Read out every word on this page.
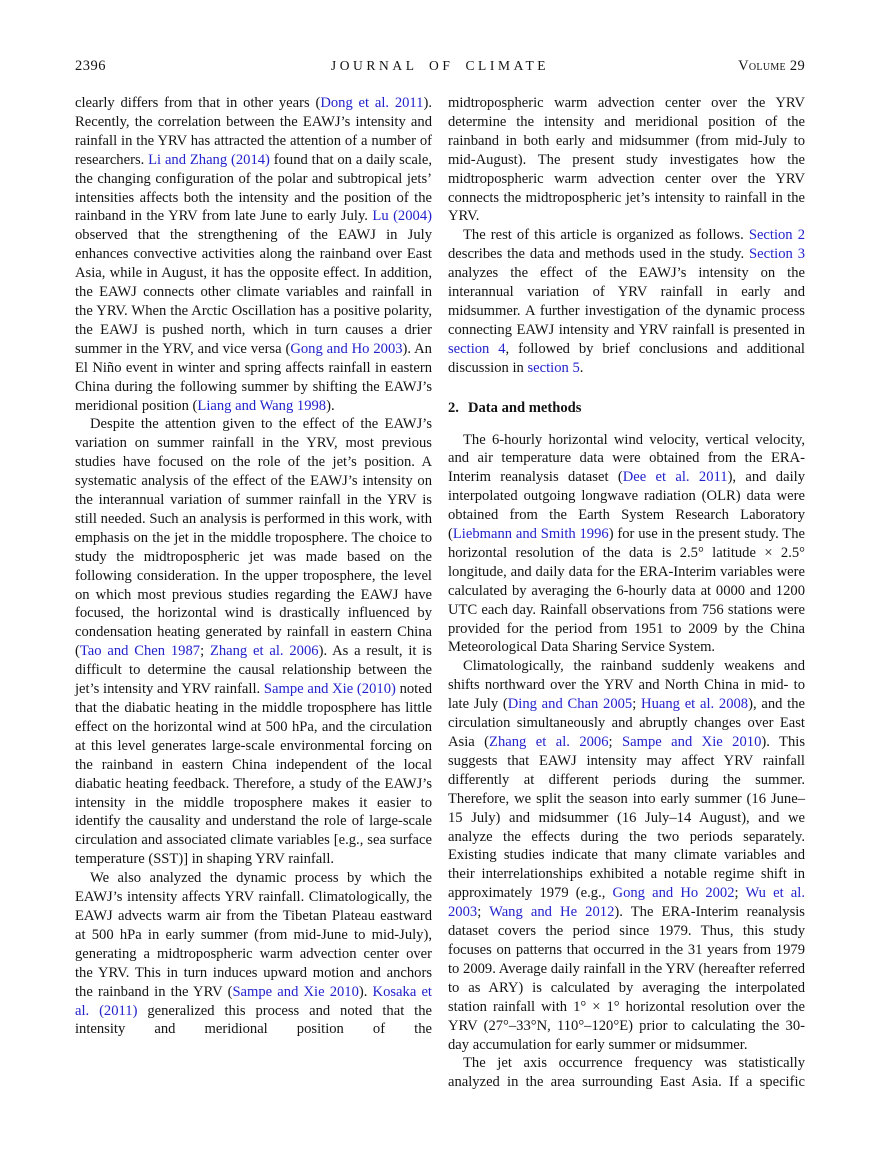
2396	JOURNAL OF CLIMATE	Volume 29

clearly differs from that in other years (Dong et al. 2011). Recently, the correlation between the EAWJ’s intensity and rainfall in the YRV has attracted the attention of a number of researchers. Li and Zhang (2014) found that on a daily scale, the changing configuration of the polar and subtropical jets’ intensities affects both the intensity and the position of the rainband in the YRV from late June to early July. Lu (2004) observed that the strengthening of the EAWJ in July enhances convective activities along the rainband over East Asia, while in August, it has the opposite effect. In addition, the EAWJ connects other climate variables and rainfall in the YRV. When the Arctic Oscillation has a positive polarity, the EAWJ is pushed north, which in turn causes a drier summer in the YRV, and vice versa (Gong and Ho 2003). An El Niño event in winter and spring affects rainfall in eastern China during the following summer by shifting the EAWJ’s meridional position (Liang and Wang 1998).

Despite the attention given to the effect of the EAWJ’s variation on summer rainfall in the YRV, most previous studies have focused on the role of the jet’s position. A systematic analysis of the effect of the EAWJ’s intensity on the interannual variation of summer rainfall in the YRV is still needed. Such an analysis is performed in this work, with emphasis on the jet in the middle troposphere. The choice to study the midtropospheric jet was made based on the following consideration. In the upper troposphere, the level on which most previous studies regarding the EAWJ have focused, the horizontal wind is drastically influenced by condensation heating generated by rainfall in eastern China (Tao and Chen 1987; Zhang et al. 2006). As a result, it is difficult to determine the causal relationship between the jet’s intensity and YRV rainfall. Sampe and Xie (2010) noted that the diabatic heating in the middle troposphere has little effect on the horizontal wind at 500 hPa, and the circulation at this level generates large-scale environmental forcing on the rainband in eastern China independent of the local diabatic heating feedback. Therefore, a study of the EAWJ’s intensity in the middle troposphere makes it easier to identify the causality and understand the role of large-scale circulation and associated climate variables [e.g., sea surface temperature (SST)] in shaping YRV rainfall.

We also analyzed the dynamic process by which the EAWJ’s intensity affects YRV rainfall. Climatologically, the EAWJ advects warm air from the Tibetan Plateau eastward at 500 hPa in early summer (from mid-June to mid-July), generating a midtropospheric warm advection center over the YRV. This in turn induces upward motion and anchors the rainband in the YRV (Sampe and Xie 2010). Kosaka et al. (2011) generalized this process and noted that the intensity and meridional position of the

midtropospheric warm advection center over the YRV determine the intensity and meridional position of the rainband in both early and midsummer (from mid-July to mid-August). The present study investigates how the midtropospheric warm advection center over the YRV connects the midtropospheric jet’s intensity to rainfall in the YRV.

The rest of this article is organized as follows. Section 2 describes the data and methods used in the study. Section 3 analyzes the effect of the EAWJ’s intensity on the interannual variation of YRV rainfall in early and midsummer. A further investigation of the dynamic process connecting EAWJ intensity and YRV rainfall is presented in section 4, followed by brief conclusions and additional discussion in section 5.

2. Data and methods

The 6-hourly horizontal wind velocity, vertical velocity, and air temperature data were obtained from the ERA-Interim reanalysis dataset (Dee et al. 2011), and daily interpolated outgoing longwave radiation (OLR) data were obtained from the Earth System Research Laboratory (Liebmann and Smith 1996) for use in the present study. The horizontal resolution of the data is 2.5° latitude × 2.5° longitude, and daily data for the ERA-Interim variables were calculated by averaging the 6-hourly data at 0000 and 1200 UTC each day. Rainfall observations from 756 stations were provided for the period from 1951 to 2009 by the China Meteorological Data Sharing Service System.

Climatologically, the rainband suddenly weakens and shifts northward over the YRV and North China in mid- to late July (Ding and Chan 2005; Huang et al. 2008), and the circulation simultaneously and abruptly changes over East Asia (Zhang et al. 2006; Sampe and Xie 2010). This suggests that EAWJ intensity may affect YRV rainfall differently at different periods during the summer. Therefore, we split the season into early summer (16 June–15 July) and midsummer (16 July–14 August), and we analyze the effects during the two periods separately. Existing studies indicate that many climate variables and their interrelationships exhibited a notable regime shift in approximately 1979 (e.g., Gong and Ho 2002; Wu et al. 2003; Wang and He 2012). The ERA-Interim reanalysis dataset covers the period since 1979. Thus, this study focuses on patterns that occurred in the 31 years from 1979 to 2009. Average daily rainfall in the YRV (hereafter referred to as ARY) is calculated by averaging the interpolated station rainfall with 1° × 1° horizontal resolution over the YRV (27°–33°N, 110°–120°E) prior to calculating the 30-day accumulation for early summer or midsummer.

The jet axis occurrence frequency was statistically analyzed in the area surrounding East Asia. If a specific
